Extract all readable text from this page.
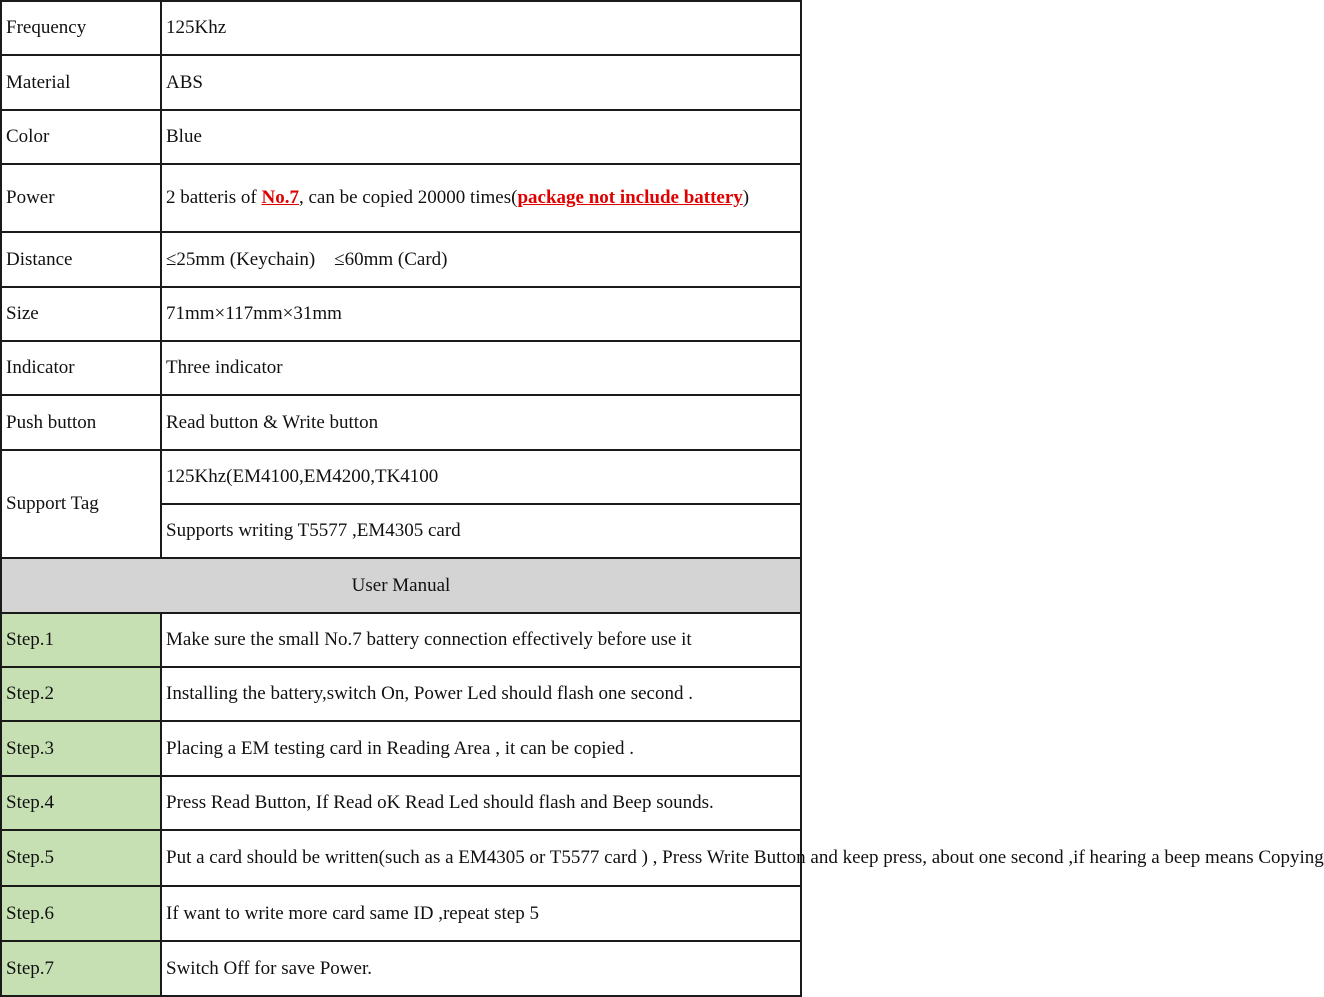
Frequency	125Khz
Material	ABS
Color	Blue
Power	2 batteris of No.7, can be copied 20000 times(package not include battery)
Distance	≤25mm (Keychain)    ≤60mm (Card)
Size	71mm×117mm×31mm
Indicator	Three indicator
Push button	Read button & Write button
Support Tag	125Khz(EM4100,EM4200,TK4100
	Supports writing T5577 ,EM4305 card
User Manual	
Step.1	Make sure the small No.7 battery connection effectively before use it
Step.2	Installing the battery,switch On, Power Led should flash one second .
Step.3	Placing a EM testing card in Reading Area , it can be copied .
Step.4	Press Read Button, If Read oK Read Led should flash and Beep sounds.
Step.5	Put a card should be written(such as a EM4305 or T5577 card ) , Press Write Button and keep press, about one second ,if hearing a beep means Copying
Step.6	If want to write more card same ID ,repeat step 5
Step.7	Switch Off for save Power.
